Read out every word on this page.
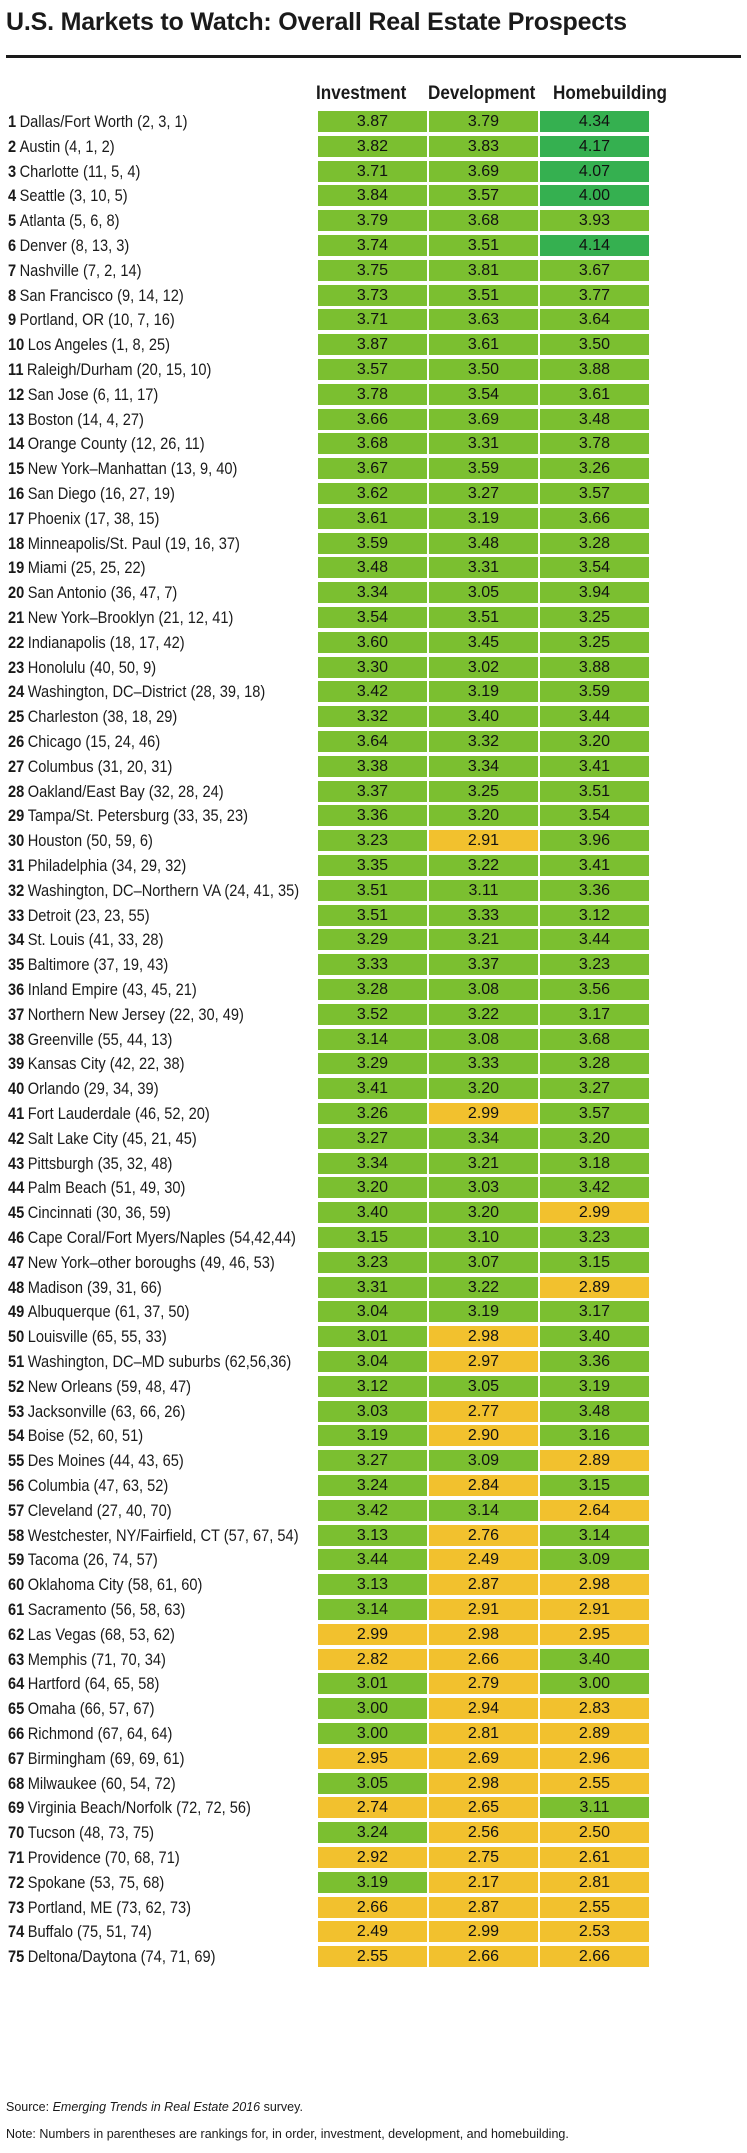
U.S. Markets to Watch: Overall Real Estate Prospects
Investment Development Homebuilding
1 Dallas/Fort Worth (2, 3, 1)	3.87	3.79	4.34
2 Austin (4, 1, 2)	3.82	3.83	4.17
3 Charlotte (11, 5, 4)	3.71	3.69	4.07
4 Seattle (3, 10, 5)	3.84	3.57	4.00
5 Atlanta (5, 6, 8)	3.79	3.68	3.93
6 Denver (8, 13, 3)	3.74	3.51	4.14
7 Nashville (7, 2, 14)	3.75	3.81	3.67
8 San Francisco (9, 14, 12)	3.73	3.51	3.77
9 Portland, OR (10, 7, 16)	3.71	3.63	3.64
10 Los Angeles (1, 8, 25)	3.87	3.61	3.50
11 Raleigh/Durham (20, 15, 10)	3.57	3.50	3.88
12 San Jose (6, 11, 17)	3.78	3.54	3.61
13 Boston (14, 4, 27)	3.66	3.69	3.48
14 Orange County (12, 26, 11)	3.68	3.31	3.78
15 New York–Manhattan (13, 9, 40)	3.67	3.59	3.26
16 San Diego (16, 27, 19)	3.62	3.27	3.57
17 Phoenix (17, 38, 15)	3.61	3.19	3.66
18 Minneapolis/St. Paul (19, 16, 37)	3.59	3.48	3.28
19 Miami (25, 25, 22)	3.48	3.31	3.54
20 San Antonio (36, 47, 7)	3.34	3.05	3.94
21 New York–Brooklyn (21, 12, 41)	3.54	3.51	3.25
22 Indianapolis (18, 17, 42)	3.60	3.45	3.25
23 Honolulu (40, 50, 9)	3.30	3.02	3.88
24 Washington, DC–District (28, 39, 18)	3.42	3.19	3.59
25 Charleston (38, 18, 29)	3.32	3.40	3.44
26 Chicago (15, 24, 46)	3.64	3.32	3.20
27 Columbus (31, 20, 31)	3.38	3.34	3.41
28 Oakland/East Bay (32, 28, 24)	3.37	3.25	3.51
29 Tampa/St. Petersburg (33, 35, 23)	3.36	3.20	3.54
30 Houston (50, 59, 6)	3.23	2.91	3.96
31 Philadelphia (34, 29, 32)	3.35	3.22	3.41
32 Washington, DC–Northern VA (24, 41, 35)	3.51	3.11	3.36
33 Detroit (23, 23, 55)	3.51	3.33	3.12
34 St. Louis (41, 33, 28)	3.29	3.21	3.44
35 Baltimore (37, 19, 43)	3.33	3.37	3.23
36 Inland Empire (43, 45, 21)	3.28	3.08	3.56
37 Northern New Jersey (22, 30, 49)	3.52	3.22	3.17
38 Greenville (55, 44, 13)	3.14	3.08	3.68
39 Kansas City (42, 22, 38)	3.29	3.33	3.28
40 Orlando (29, 34, 39)	3.41	3.20	3.27
41 Fort Lauderdale (46, 52, 20)	3.26	2.99	3.57
42 Salt Lake City (45, 21, 45)	3.27	3.34	3.20
43 Pittsburgh (35, 32, 48)	3.34	3.21	3.18
44 Palm Beach (51, 49, 30)	3.20	3.03	3.42
45 Cincinnati (30, 36, 59)	3.40	3.20	2.99
46 Cape Coral/Fort Myers/Naples (54,42,44)	3.15	3.10	3.23
47 New York–other boroughs (49, 46, 53)	3.23	3.07	3.15
48 Madison (39, 31, 66)	3.31	3.22	2.89
49 Albuquerque (61, 37, 50)	3.04	3.19	3.17
50 Louisville (65, 55, 33)	3.01	2.98	3.40
51 Washington, DC–MD suburbs (62,56,36)	3.04	2.97	3.36
52 New Orleans (59, 48, 47)	3.12	3.05	3.19
53 Jacksonville (63, 66, 26)	3.03	2.77	3.48
54 Boise (52, 60, 51)	3.19	2.90	3.16
55 Des Moines (44, 43, 65)	3.27	3.09	2.89
56 Columbia (47, 63, 52)	3.24	2.84	3.15
57 Cleveland (27, 40, 70)	3.42	3.14	2.64
58 Westchester, NY/Fairfield, CT (57, 67, 54)	3.13	2.76	3.14
59 Tacoma (26, 74, 57)	3.44	2.49	3.09
60 Oklahoma City (58, 61, 60)	3.13	2.87	2.98
61 Sacramento (56, 58, 63)	3.14	2.91	2.91
62 Las Vegas (68, 53, 62)	2.99	2.98	2.95
63 Memphis (71, 70, 34)	2.82	2.66	3.40
64 Hartford (64, 65, 58)	3.01	2.79	3.00
65 Omaha (66, 57, 67)	3.00	2.94	2.83
66 Richmond (67, 64, 64)	3.00	2.81	2.89
67 Birmingham (69, 69, 61)	2.95	2.69	2.96
68 Milwaukee (60, 54, 72)	3.05	2.98	2.55
69 Virginia Beach/Norfolk (72, 72, 56)	2.74	2.65	3.11
70 Tucson (48, 73, 75)	3.24	2.56	2.50
71 Providence (70, 68, 71)	2.92	2.75	2.61
72 Spokane (53, 75, 68)	3.19	2.17	2.81
73 Portland, ME (73, 62, 73)	2.66	2.87	2.55
74 Buffalo (75, 51, 74)	2.49	2.99	2.53
75 Deltona/Daytona (74, 71, 69)	2.55	2.66	2.66

Source: Emerging Trends in Real Estate 2016 survey.

Note: Numbers in parentheses are rankings for, in order, investment, development, and homebuilding.
